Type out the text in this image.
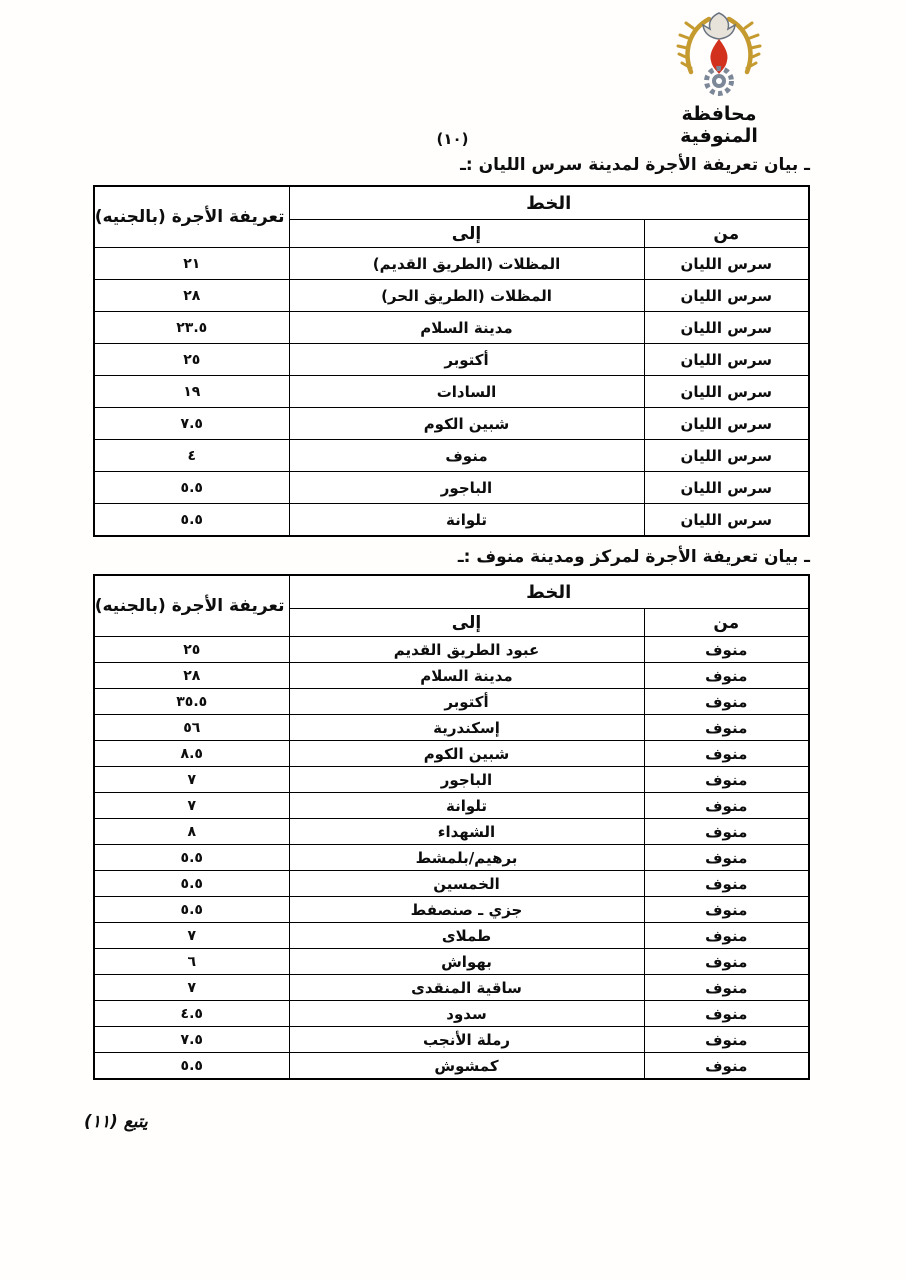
محافظة المنوفية
(١٠)
ـ بيان تعريفة الأجرة لمدينة سرس الليان :ـ
الخط		تعريفة الأجرة (بالجنيه)
من	إلى	
سرس الليان	المظلات (الطريق القديم)	٢١
سرس الليان	المظلات (الطريق الحر)	٢٨
سرس الليان	مدينة السلام	٢٣.٥
سرس الليان	أكتوبر	٢٥
سرس الليان	السادات	١٩
سرس الليان	شبين الكوم	٧.٥
سرس الليان	منوف	٤
سرس الليان	الباجور	٥.٥
سرس الليان	تلوانة	٥.٥
ـ بيان تعريفة الأجرة لمركز ومدينة منوف :ـ
الخط		تعريفة الأجرة (بالجنيه)
من	إلى	
منوف	عبود الطريق القديم	٢٥
منوف	مدينة السلام	٢٨
منوف	أكتوبر	٣٥.٥
منوف	إسكندرية	٥٦
منوف	شبين الكوم	٨.٥
منوف	الباجور	٧
منوف	تلوانة	٧
منوف	الشهداء	٨
منوف	برهيم/بلمشط	٥.٥
منوف	الخمسين	٥.٥
منوف	جزي ـ صنصفط	٥.٥
منوف	طملاى	٧
منوف	بهواش	٦
منوف	ساقية المنقدى	٧
منوف	سدود	٤.٥
منوف	رملة الأنجب	٧.٥
منوف	كمشوش	٥.٥
يتبع (١١)
